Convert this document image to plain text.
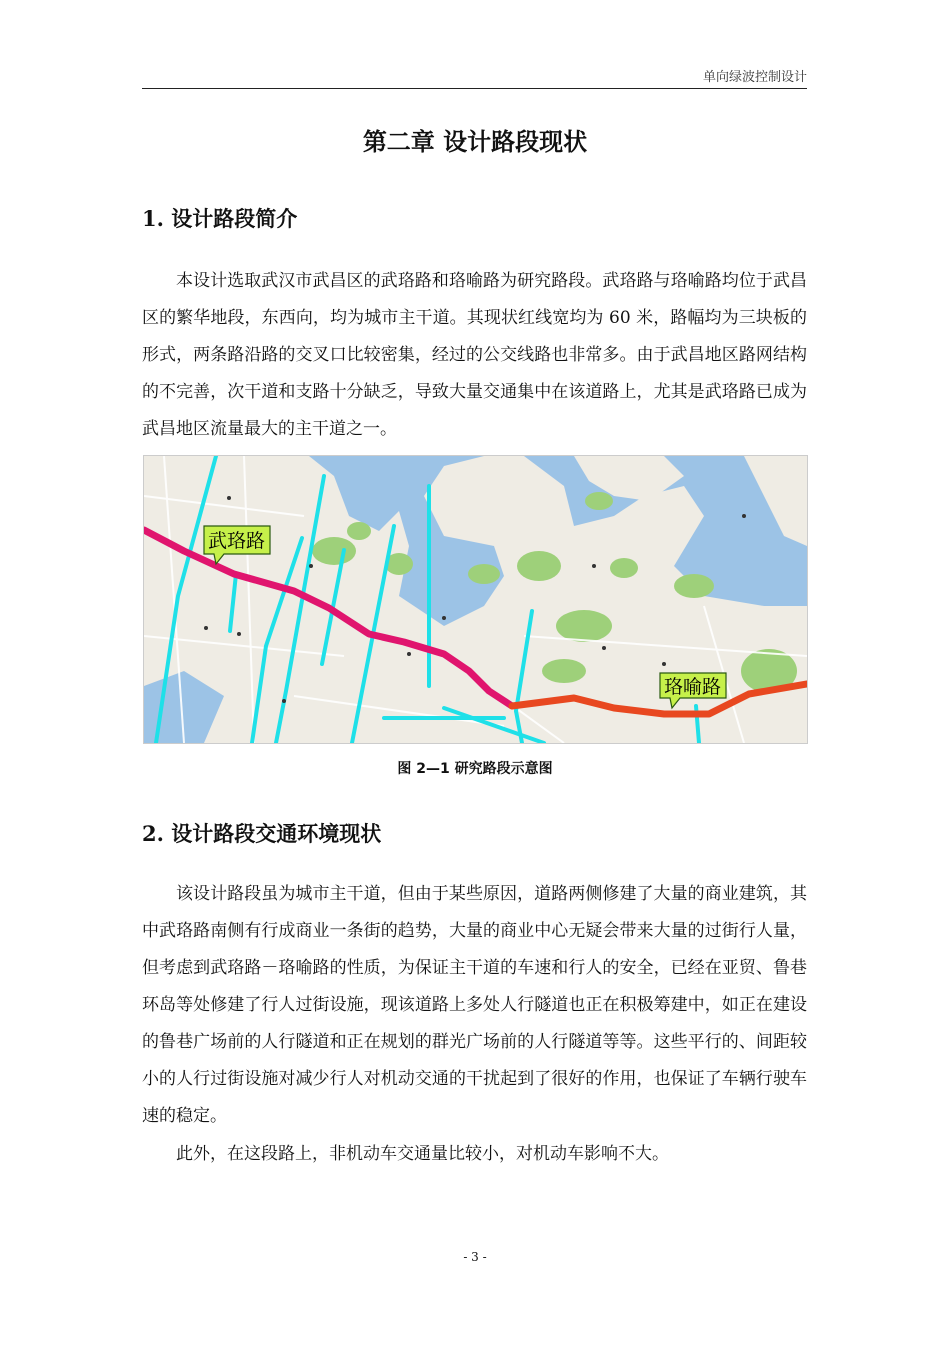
单向绿波控制设计
第二章 设计路段现状
1. 设计路段简介

本设计选取武汉市武昌区的武珞路和珞喻路为研究路段。武珞路与珞喻路均位于武昌区的繁华地段，东西向，均为城市主干道。其现状红线宽均为 60 米，路幅均为三块板的形式，两条路沿路的交叉口比较密集，经过的公交线路也非常多。由于武昌地区路网结构的不完善，次干道和支路十分缺乏，导致大量交通集中在该道路上，尤其是武珞路已成为武昌地区流量最大的主干道之一。

武珞路
珞喻路
图 2—1 研究路段示意图
2. 设计路段交通环境现状

该设计路段虽为城市主干道，但由于某些原因，道路两侧修建了大量的商业建筑，其中武珞路南侧有行成商业一条街的趋势，大量的商业中心无疑会带来大量的过街行人量，但考虑到武珞路－珞喻路的性质，为保证主干道的车速和行人的安全，已经在亚贸、鲁巷环岛等处修建了行人过街设施，现该道路上多处人行隧道也正在积极筹建中，如正在建设的鲁巷广场前的人行隧道和正在规划的群光广场前的人行隧道等等。这些平行的、间距较小的人行过街设施对减少行人对机动交通的干扰起到了很好的作用，也保证了车辆行驶车速的稳定。

此外，在这段路上，非机动车交通量比较小，对机动车影响不大。

- 3 -
